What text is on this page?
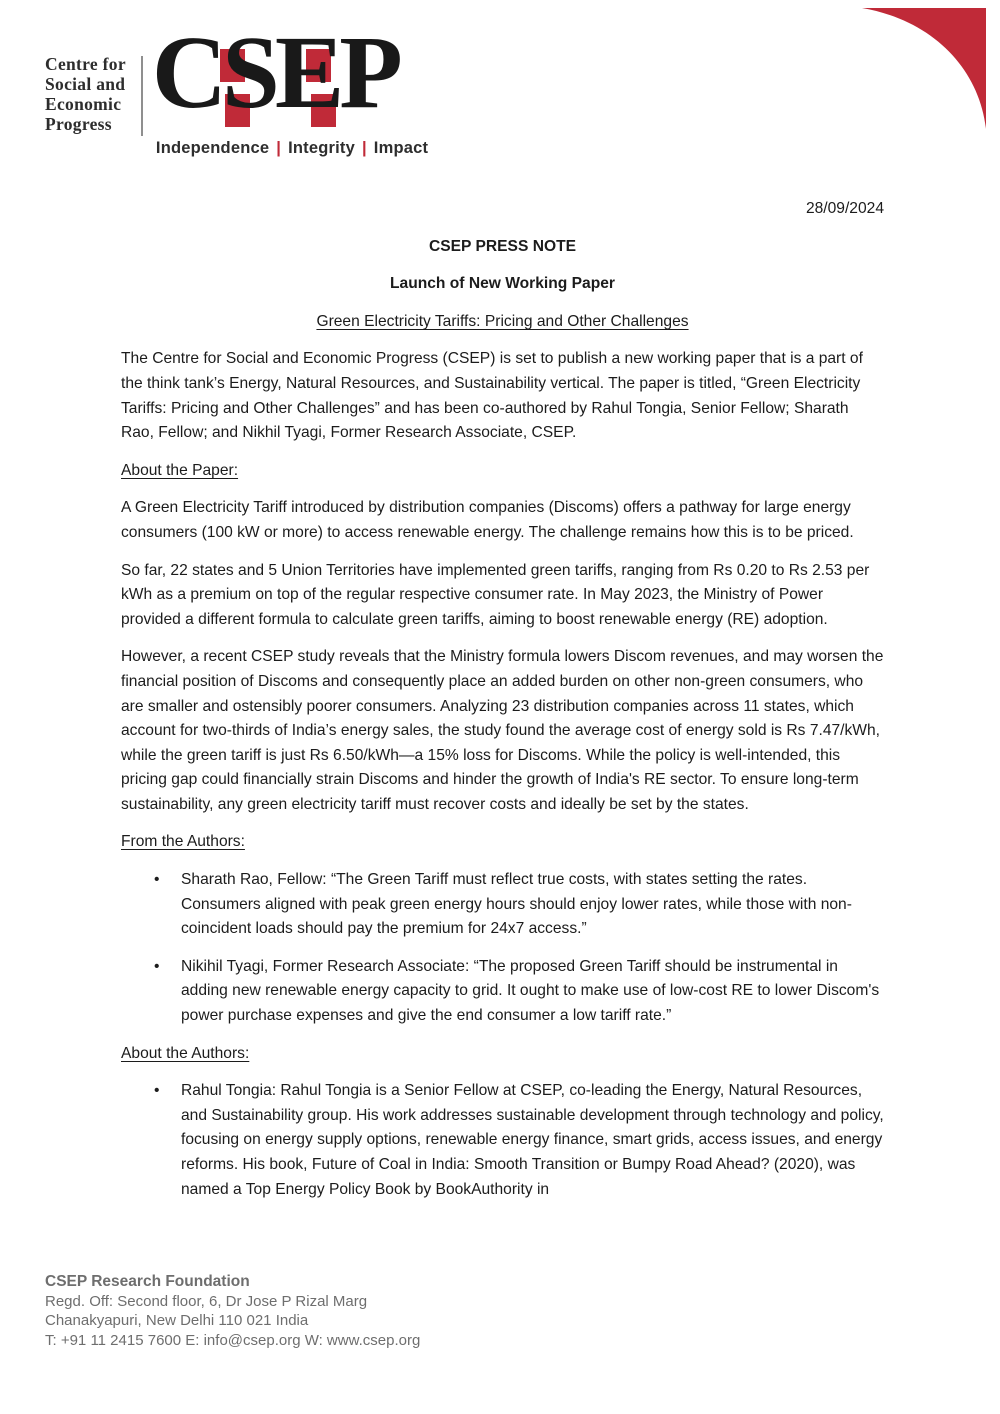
Centre for
Social and
Economic
Progress CSEP
Independence | Integrity | Impact

28/09/2024

CSEP PRESS NOTE

Launch of New Working Paper

Green Electricity Tariffs: Pricing and Other Challenges

The Centre for Social and Economic Progress (CSEP) is set to publish a new working paper that is a part of the think tank’s Energy, Natural Resources, and Sustainability vertical. The paper is titled, “Green Electricity Tariffs: Pricing and Other Challenges” and has been co-authored by Rahul Tongia, Senior Fellow; Sharath Rao, Fellow; and Nikhil Tyagi, Former Research Associate, CSEP.

About the Paper:

A Green Electricity Tariff introduced by distribution companies (Discoms) offers a pathway for large energy consumers (100 kW or more) to access renewable energy. The challenge remains how this is to be priced.

So far, 22 states and 5 Union Territories have implemented green tariffs, ranging from Rs 0.20 to Rs 2.53 per kWh as a premium on top of the regular respective consumer rate. In May 2023, the Ministry of Power provided a different formula to calculate green tariffs, aiming to boost renewable energy (RE) adoption.

However, a recent CSEP study reveals that the Ministry formula lowers Discom revenues, and may worsen the financial position of Discoms and consequently place an added burden on other non-green consumers, who are smaller and ostensibly poorer consumers. Analyzing 23 distribution companies across 11 states, which account for two-thirds of India’s energy sales, the study found the average cost of energy sold is Rs 7.47/kWh, while the green tariff is just Rs 6.50/kWh—a 15% loss for Discoms. While the policy is well-intended, this pricing gap could financially strain Discoms and hinder the growth of India's RE sector. To ensure long-term sustainability, any green electricity tariff must recover costs and ideally be set by the states.

From the Authors:

• Sharath Rao, Fellow: “The Green Tariff must reflect true costs, with states setting the rates. Consumers aligned with peak green energy hours should enjoy lower rates, while those with non-coincident loads should pay the premium for 24x7 access.”
• Nikihil Tyagi, Former Research Associate: “The proposed Green Tariff should be instrumental in adding new renewable energy capacity to grid. It ought to make use of low-cost RE to lower Discom's power purchase expenses and give the end consumer a low tariff rate.”

About the Authors:

• Rahul Tongia: Rahul Tongia is a Senior Fellow at CSEP, co-leading the Energy, Natural Resources, and Sustainability group. His work addresses sustainable development through technology and policy, focusing on energy supply options, renewable energy finance, smart grids, access issues, and energy reforms. His book, Future of Coal in India: Smooth Transition or Bumpy Road Ahead? (2020), was named a Top Energy Policy Book by BookAuthority in

CSEP Research Foundation

Regd. Off: Second floor, 6, Dr Jose P Rizal Marg

Chanakyapuri, New Delhi 110 021 India

T: +91 11 2415 7600 E: info@csep.org W: www.csep.org
